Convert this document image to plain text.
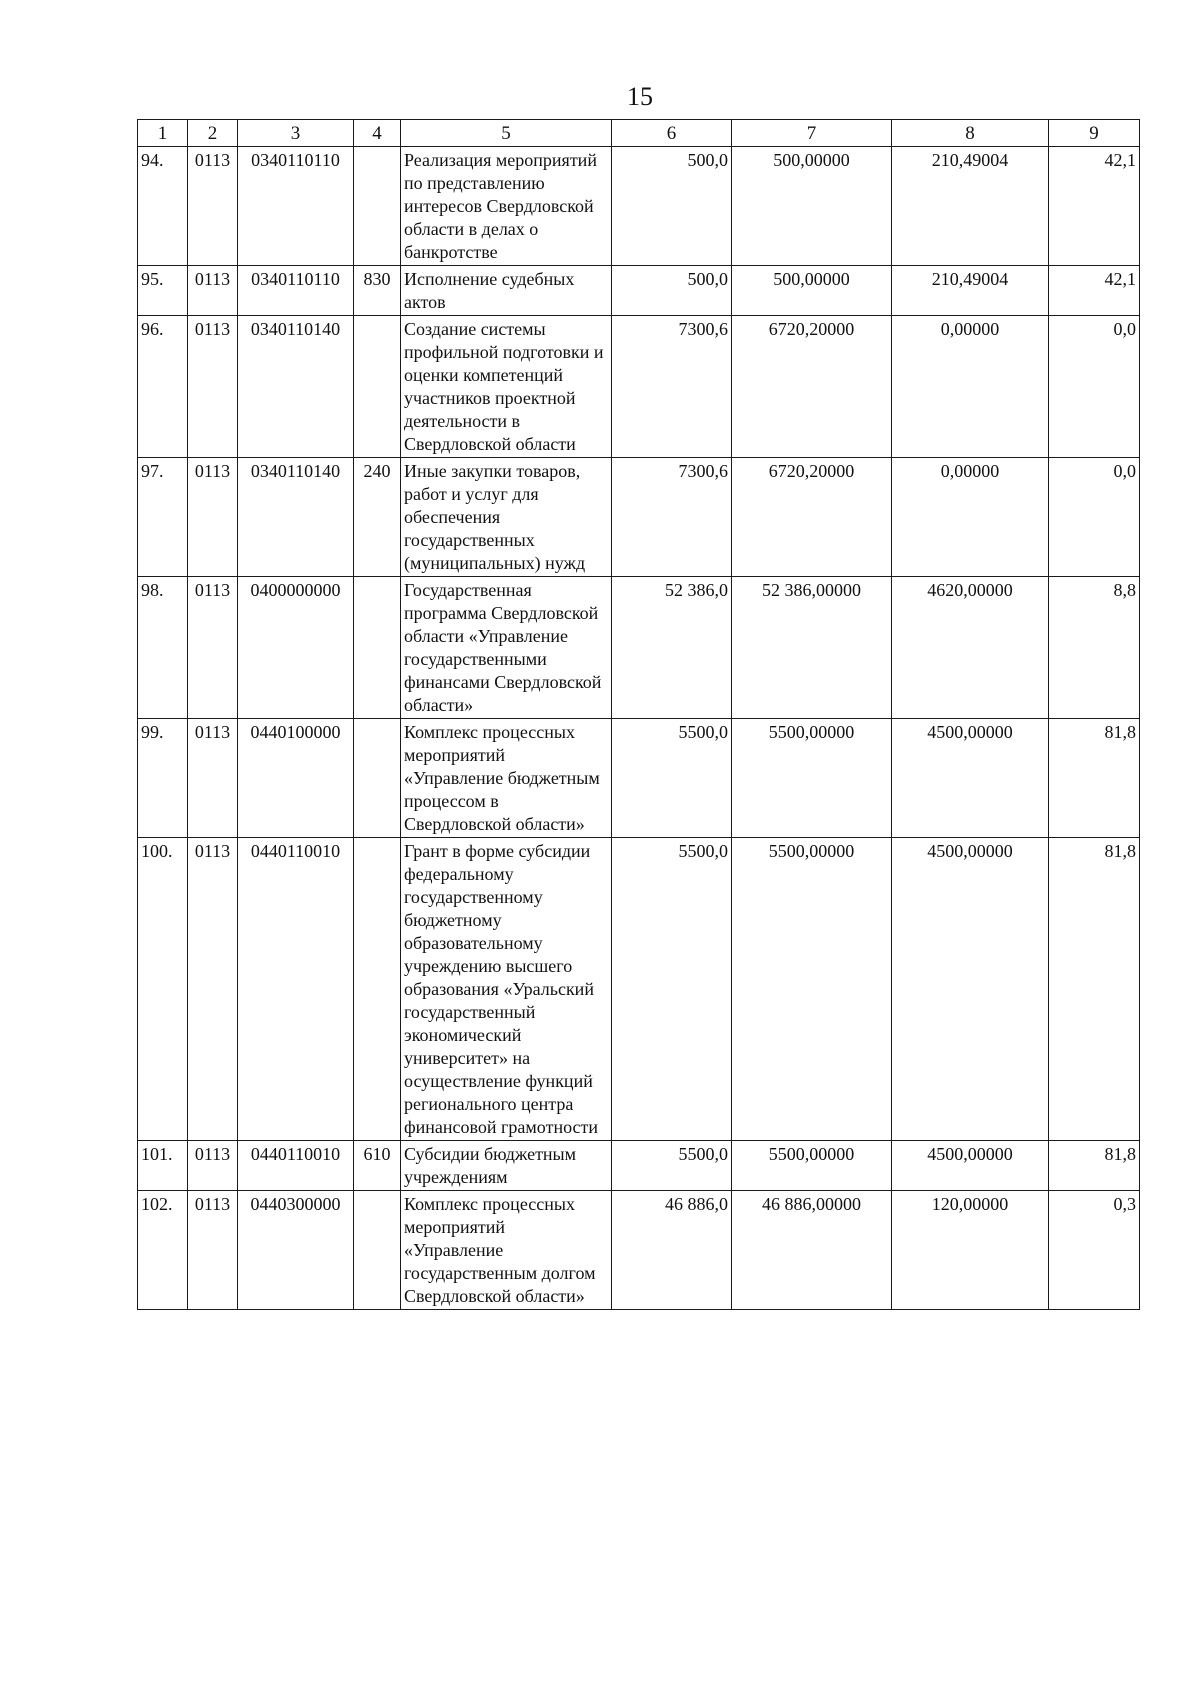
15
1	2	3	4	5	6	7	8	9
94.	0113	0340110110		Реализация мероприятий по представлению интересов Свердловской области в делах о банкротстве	500,0	500,00000	210,49004	42,1
95.	0113	0340110110	830	Исполнение судебных актов	500,0	500,00000	210,49004	42,1
96.	0113	0340110140		Создание системы профильной подготовки и оценки компетенций участников проектной деятельности в Свердловской области	7300,6	6720,20000	0,00000	0,0
97.	0113	0340110140	240	Иные закупки товаров, работ и услуг для обеспечения государственных (муниципальных) нужд	7300,6	6720,20000	0,00000	0,0
98.	0113	0400000000		Государственная программа Свердловской области «Управление государственными финансами Свердловской области»	52 386,0	52 386,00000	4620,00000	8,8
99.	0113	0440100000		Комплекс процессных мероприятий «Управление бюджетным процессом в Свердловской области»	5500,0	5500,00000	4500,00000	81,8
100.	0113	0440110010		Грант в форме субсидии федеральному государственному бюджетному образовательному учреждению высшего образования «Уральский государственный экономический университет» на осуществление функций регионального центра финансовой грамотности	5500,0	5500,00000	4500,00000	81,8
101.	0113	0440110010	610	Субсидии бюджетным учреждениям	5500,0	5500,00000	4500,00000	81,8
102.	0113	0440300000		Комплекс процессных мероприятий «Управление государственным долгом Свердловской области»	46 886,0	46 886,00000	120,00000	0,3
